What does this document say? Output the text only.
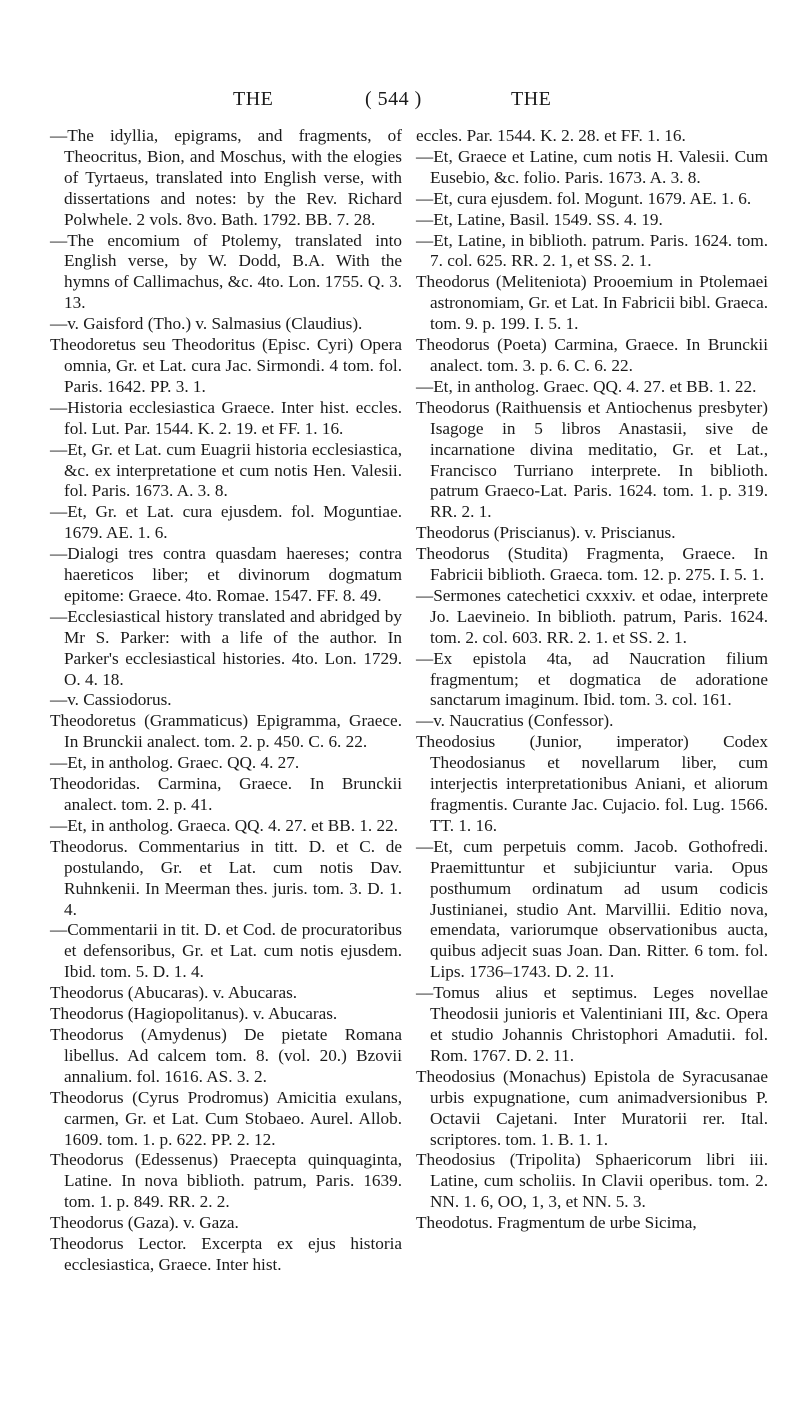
THE	( 544 )	THE

—The idyllia, epigrams, and fragments, of Theocritus, Bion, and Moschus, with the elogies of Tyrtaeus, translated into English verse, with dissertations and notes: by the Rev. Richard Polwhele. 2 vols. 8vo. Bath. 1792. BB. 7. 28.

—The encomium of Ptolemy, translated into English verse, by W. Dodd, B.A. With the hymns of Callimachus, &c. 4to. Lon. 1755. Q. 3. 13.

—v. Gaisford (Tho.) v. Salmasius (Claudius).

Theodoretus seu Theodoritus (Episc. Cyri) Opera omnia, Gr. et Lat. cura Jac. Sirmondi. 4 tom. fol. Paris. 1642. PP. 3. 1.

—Historia ecclesiastica Graece. Inter hist. eccles. fol. Lut. Par. 1544. K. 2. 19. et FF. 1. 16.

—Et, Gr. et Lat. cum Euagrii historia ecclesiastica, &c. ex interpretatione et cum notis Hen. Valesii. fol. Paris. 1673. A. 3. 8.

—Et, Gr. et Lat. cura ejusdem. fol. Moguntiae. 1679. AE. 1. 6.

—Dialogi tres contra quasdam haereses; contra haereticos liber; et divinorum dogmatum epitome: Graece. 4to. Romae. 1547. FF. 8. 49.

—Ecclesiastical history translated and abridged by Mr S. Parker: with a life of the author. In Parker's ecclesiastical histories. 4to. Lon. 1729. O. 4. 18.

—v. Cassiodorus.

Theodoretus (Grammaticus) Epigramma, Graece. In Brunckii analect. tom. 2. p. 450. C. 6. 22.

—Et, in antholog. Graec. QQ. 4. 27.

Theodoridas. Carmina, Graece. In Brunckii analect. tom. 2. p. 41.

—Et, in antholog. Graeca. QQ. 4. 27. et BB. 1. 22.

Theodorus. Commentarius in titt. D. et C. de postulando, Gr. et Lat. cum notis Dav. Ruhnkenii. In Meerman thes. juris. tom. 3. D. 1. 4.

—Commentarii in tit. D. et Cod. de procuratoribus et defensoribus, Gr. et Lat. cum notis ejusdem. Ibid. tom. 5. D. 1. 4.

Theodorus (Abucaras). v. Abucaras.

Theodorus (Hagiopolitanus). v. Abucaras.

Theodorus (Amydenus) De pietate Romana libellus. Ad calcem tom. 8. (vol. 20.) Bzovii annalium. fol. 1616. AS. 3. 2.

Theodorus (Cyrus Prodromus) Amicitia exulans, carmen, Gr. et Lat. Cum Stobaeo. Aurel. Allob. 1609. tom. 1. p. 622. PP. 2. 12.

Theodorus (Edessenus) Praecepta quinquaginta, Latine. In nova biblioth. patrum, Paris. 1639. tom. 1. p. 849. RR. 2. 2.

Theodorus (Gaza). v. Gaza.

Theodorus Lector. Excerpta ex ejus historia ecclesiastica, Graece. Inter hist.

eccles. Par. 1544. K. 2. 28. et FF. 1. 16.

—Et, Graece et Latine, cum notis H. Valesii. Cum Eusebio, &c. folio. Paris. 1673. A. 3. 8.

—Et, cura ejusdem. fol. Mogunt. 1679. AE. 1. 6.

—Et, Latine, Basil. 1549. SS. 4. 19.

—Et, Latine, in biblioth. patrum. Paris. 1624. tom. 7. col. 625. RR. 2. 1, et SS. 2. 1.

Theodorus (Meliteniota) Prooemium in Ptolemaei astronomiam, Gr. et Lat. In Fabricii bibl. Graeca. tom. 9. p. 199. I. 5. 1.

Theodorus (Poeta) Carmina, Graece. In Brunckii analect. tom. 3. p. 6. C. 6. 22.

—Et, in antholog. Graec. QQ. 4. 27. et BB. 1. 22.

Theodorus (Raithuensis et Antiochenus presbyter) Isagoge in 5 libros Anastasii, sive de incarnatione divina meditatio, Gr. et Lat., Francisco Turriano interprete. In biblioth. patrum Graeco-Lat. Paris. 1624. tom. 1. p. 319. RR. 2. 1.

Theodorus (Priscianus). v. Priscianus.

Theodorus (Studita) Fragmenta, Graece. In Fabricii biblioth. Graeca. tom. 12. p. 275. I. 5. 1.

—Sermones catechetici cxxxiv. et odae, interprete Jo. Laevineio. In biblioth. patrum, Paris. 1624. tom. 2. col. 603. RR. 2. 1. et SS. 2. 1.

—Ex epistola 4ta, ad Naucration filium fragmentum; et dogmatica de adoratione sanctarum imaginum. Ibid. tom. 3. col. 161.

—v. Naucratius (Confessor).

Theodosius (Junior, imperator) Codex Theodosianus et novellarum liber, cum interjectis interpretationibus Aniani, et aliorum fragmentis. Curante Jac. Cujacio. fol. Lug. 1566. TT. 1. 16.

—Et, cum perpetuis comm. Jacob. Gothofredi. Praemittuntur et subjiciuntur varia. Opus posthumum ordinatum ad usum codicis Justinianei, studio Ant. Marvillii. Editio nova, emendata, variorumque observationibus aucta, quibus adjecit suas Joan. Dan. Ritter. 6 tom. fol. Lips. 1736–1743. D. 2. 11.

—Tomus alius et septimus. Leges novellae Theodosii junioris et Valentiniani III, &c. Opera et studio Johannis Christophori Amadutii. fol. Rom. 1767. D. 2. 11.

Theodosius (Monachus) Epistola de Syracusanae urbis expugnatione, cum animadversionibus P. Octavii Cajetani. Inter Muratorii rer. Ital. scriptores. tom. 1. B. 1. 1.

Theodosius (Tripolita) Sphaericorum libri iii. Latine, cum scholiis. In Clavii operibus. tom. 2. NN. 1. 6, OO, 1, 3, et NN. 5. 3.

Theodotus. Fragmentum de urbe Sicima,
